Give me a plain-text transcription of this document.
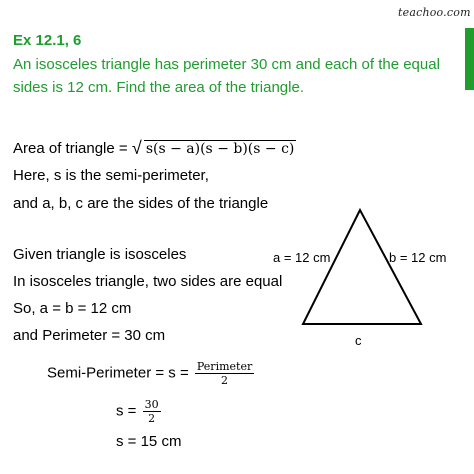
teachoo.com
Ex 12.1, 6
An isosceles triangle has perimeter 30 cm and each of the equal
sides is 12 cm. Find the area of the triangle.
Area of triangle = √ s(s − a)(s − b)(s − c)
Here, s is the semi-perimeter,
and a, b, c are the sides of the triangle
Given triangle is isosceles
In isosceles triangle, two sides are equal
So, a = b = 12 cm
and Perimeter = 30 cm
Semi-Perimeter = $s = \frac{\text{Perimeter}}{2}$
$s = \frac{30}{2}$
s = 15 cm
a = 12 cm	b = 12 cm
c
